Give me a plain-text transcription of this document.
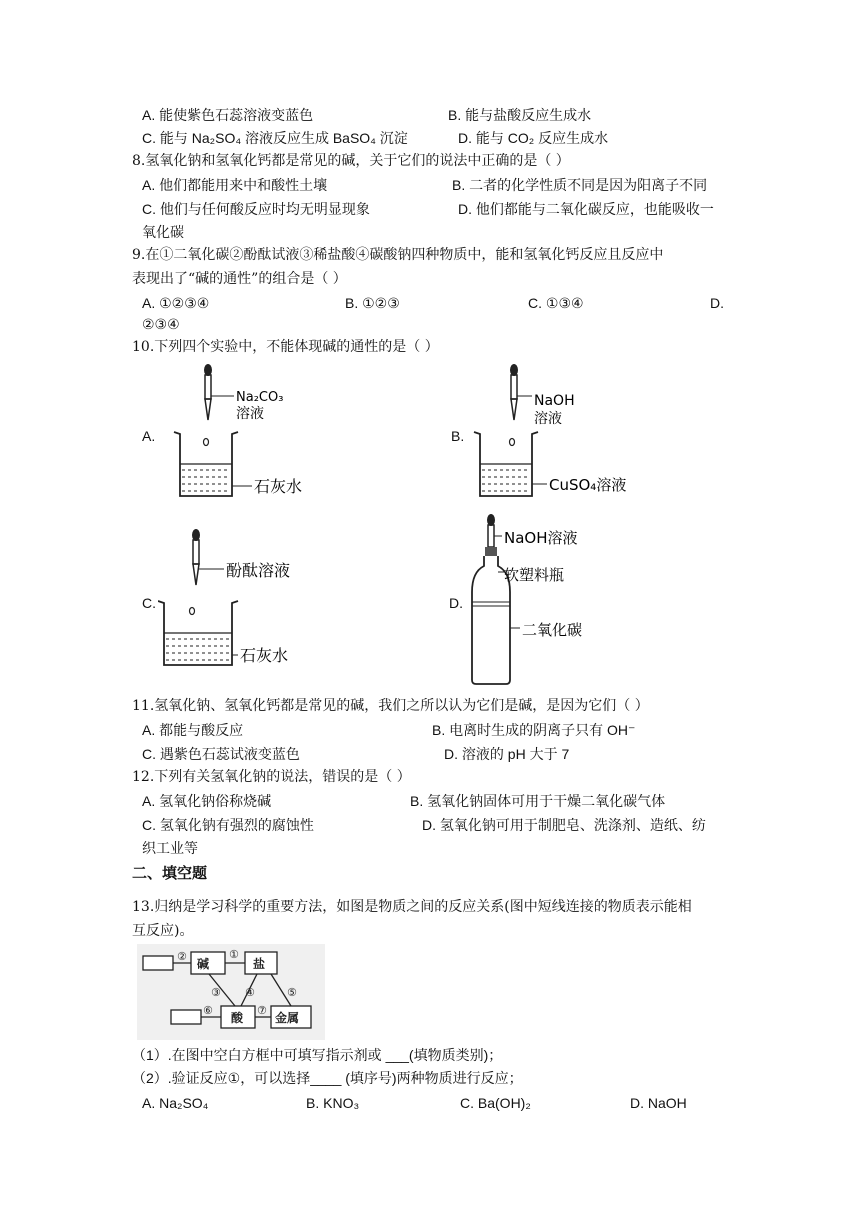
A. 能使紫色石蕊溶液变蓝色	B. 能与盐酸反应生成水
C. 能与 Na₂SO₄ 溶液反应生成 BaSO₄ 沉淀	D. 能与 CO₂ 反应生成水
8.氢氧化钠和氢氧化钙都是常见的碱，关于它们的说法中正确的是（ ）
A. 他们都能用来中和酸性土壤	B. 二者的化学性质不同是因为阳离子不同
C. 他们与任何酸反应时均无明显现象	D. 他们都能与二氧化碳反应，也能吸收一
氧化碳
9.在①二氧化碳②酚酞试液③稀盐酸④碳酸钠四种物质中，能和氢氧化钙反应且反应中
表现出了“碱的通性”的组合是（ ）
A. ①②③④	B. ①②③	C. ①③④	D.
②③④
10.下列四个实验中，不能体现碱的通性的是（ ）
A.	B.
C.	D.
Na₂CO₃
溶液
石灰水
NaOH
溶液
CuSO₄溶液
酚酞溶液
石灰水
NaOH溶液
软塑料瓶
二氧化碳
11.氢氧化钠、氢氧化钙都是常见的碱，我们之所以认为它们是碱，是因为它们（ ）
A. 都能与酸反应	B. 电离时生成的阴离子只有 OH⁻
C. 遇紫色石蕊试液变蓝色	D. 溶液的 pH 大于 7
12.下列有关氢氧化钠的说法，错误的是（ ）
A. 氢氧化钠俗称烧碱	B. 氢氧化钠固体可用于干燥二氧化碳气体
C. 氢氧化钠有强烈的腐蚀性	D. 氢氧化钠可用于制肥皂、洗涤剂、造纸、纺
织工业等
二、填空题
13.归纳是学习科学的重要方法，如图是物质之间的反应关系(图中短线连接的物质表示能相
互反应)。
碱	盐
酸	金属
①
②
③ ④	⑤
⑥	⑦
（1）.在图中空白方框中可填写指示剂或 ___(填物质类别)；
（2）.验证反应①，可以选择____ (填序号)两种物质进行反应；
A. Na₂SO₄	B. KNO₃	C. Ba(OH)₂	D. NaOH
